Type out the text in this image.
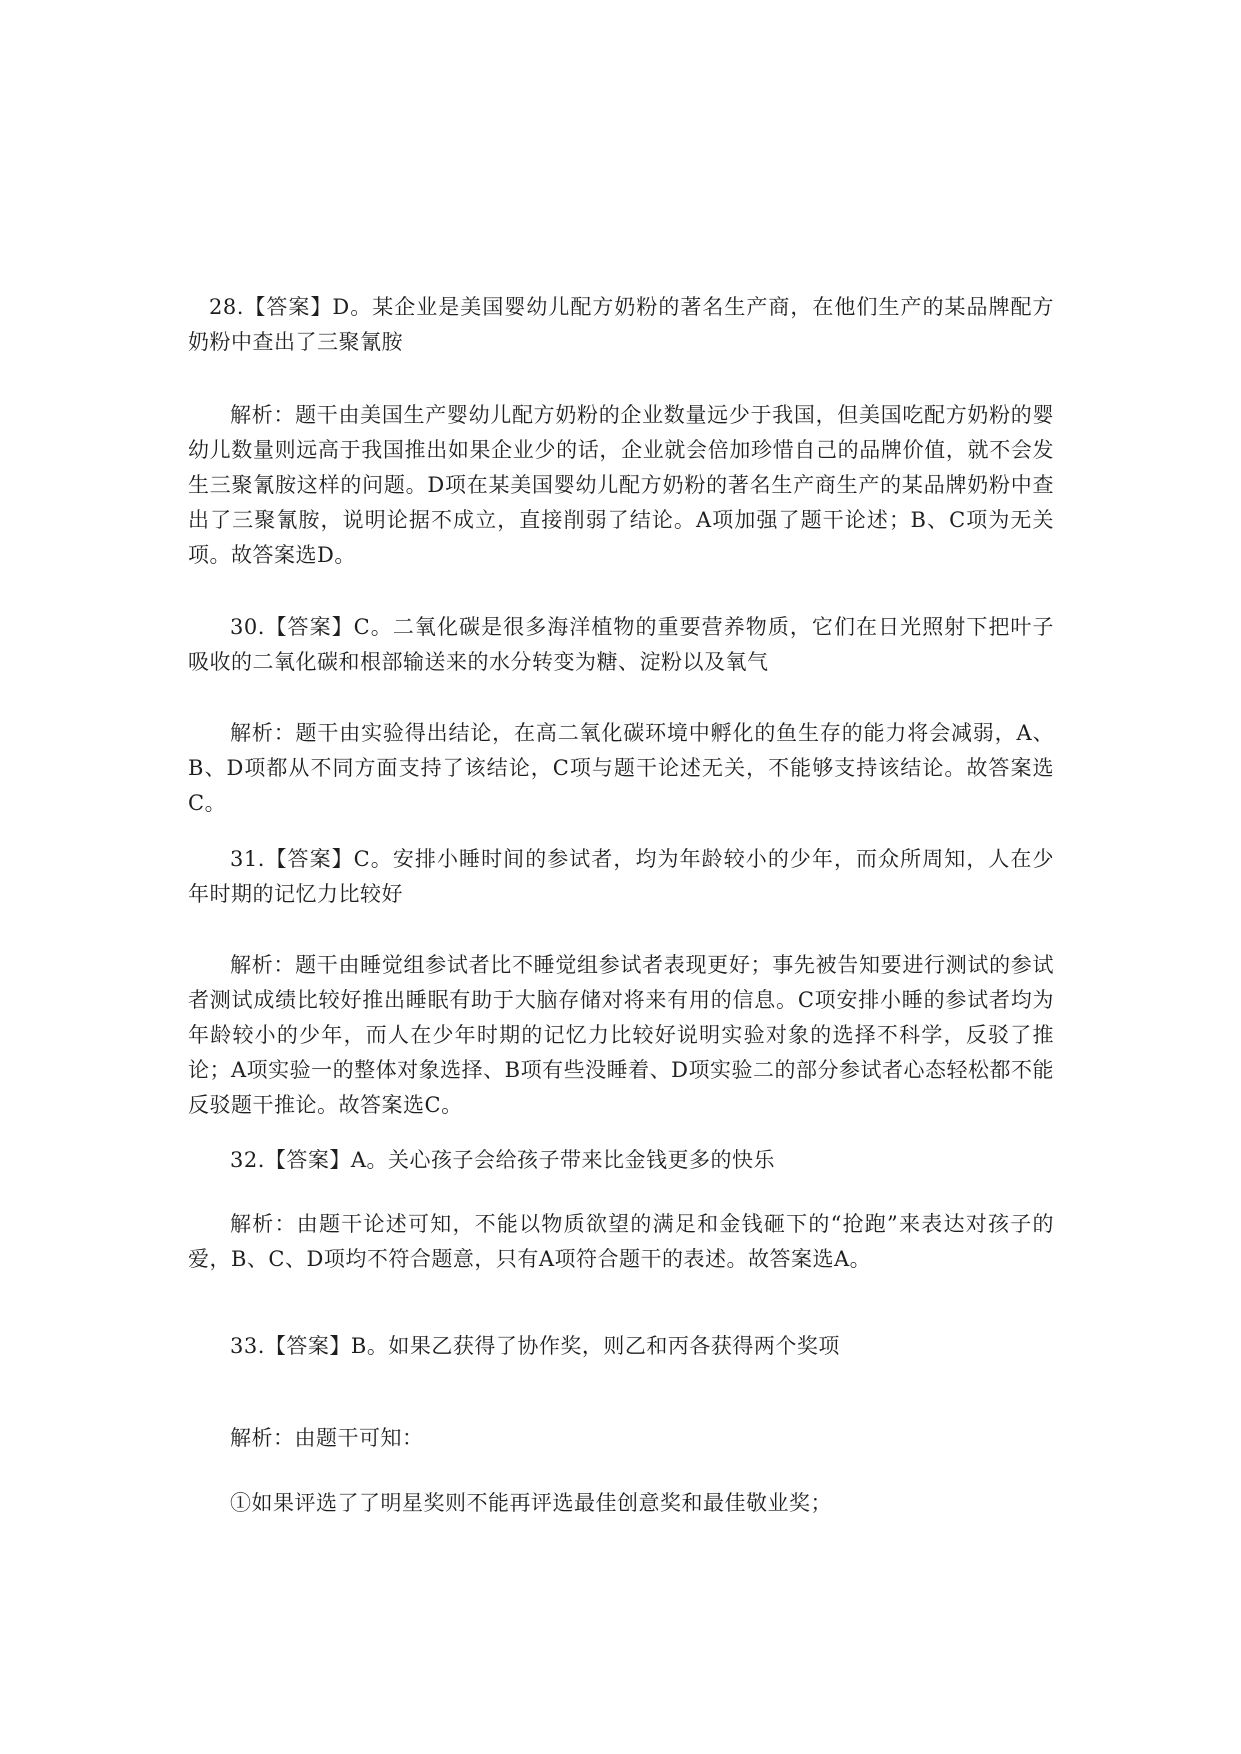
28.【答案】D。某企业是美国婴幼儿配方奶粉的著名生产商，在他们生产的某品牌配方奶粉中查出了三聚氰胺

解析：题干由美国生产婴幼儿配方奶粉的企业数量远少于我国，但美国吃配方奶粉的婴幼儿数量则远高于我国推出如果企业少的话，企业就会倍加珍惜自己的品牌价值，就不会发生三聚氰胺这样的问题。D项在某美国婴幼儿配方奶粉的著名生产商生产的某品牌奶粉中查出了三聚氰胺，说明论据不成立，直接削弱了结论。A项加强了题干论述；B、C项为无关项。故答案选D。

30.【答案】C。二氧化碳是很多海洋植物的重要营养物质，它们在日光照射下把叶子吸收的二氧化碳和根部输送来的水分转变为糖、淀粉以及氧气

解析：题干由实验得出结论，在高二氧化碳环境中孵化的鱼生存的能力将会减弱，A、B、D项都从不同方面支持了该结论，C项与题干论述无关，不能够支持该结论。故答案选C。

31.【答案】C。安排小睡时间的参试者，均为年龄较小的少年，而众所周知，人在少年时期的记忆力比较好

解析：题干由睡觉组参试者比不睡觉组参试者表现更好；事先被告知要进行测试的参试者测试成绩比较好推出睡眠有助于大脑存储对将来有用的信息。C项安排小睡的参试者均为年龄较小的少年，而人在少年时期的记忆力比较好说明实验对象的选择不科学，反驳了推论；A项实验一的整体对象选择、B项有些没睡着、D项实验二的部分参试者心态轻松都不能反驳题干推论。故答案选C。

32.【答案】A。关心孩子会给孩子带来比金钱更多的快乐

解析：由题干论述可知，不能以物质欲望的满足和金钱砸下的“抢跑”来表达对孩子的爱，B、C、D项均不符合题意，只有A项符合题干的表述。故答案选A。

33.【答案】B。如果乙获得了协作奖，则乙和丙各获得两个奖项

解析：由题干可知：

①如果评选了了明星奖则不能再评选最佳创意奖和最佳敬业奖；
